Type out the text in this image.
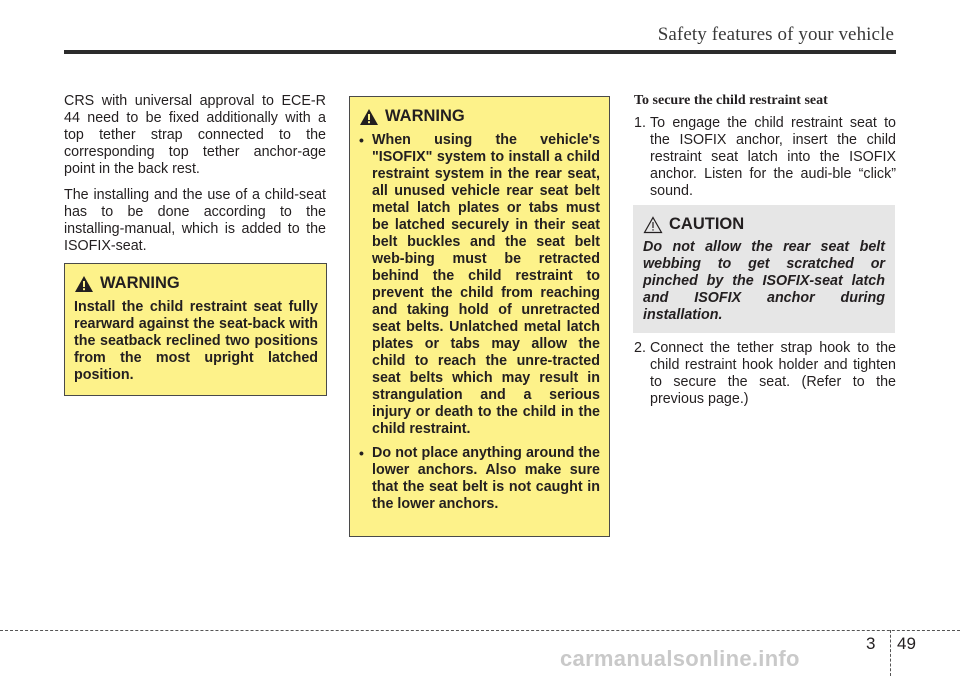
Safety features of your vehicle

CRS with universal approval to ECE-R 44 need to be fixed additionally with a top tether strap connected to the corresponding top tether anchor-age point in the back rest.

The installing and the use of a child-seat has to be done according to the installing-manual, which is added to the ISOFIX-seat.

WARNING

Install the child restraint seat fully rearward against the seat-back with the seatback reclined two positions from the most upright latched position.

WARNING
• When using the vehicle's "ISOFIX" system to install a child restraint system in the rear seat, all unused vehicle rear seat belt metal latch plates or tabs must be latched securely in their seat belt buckles and the seat belt web-bing must be retracted behind the child restraint to prevent the child from reaching and taking hold of unretracted seat belts. Unlatched metal latch plates or tabs may allow the child to reach the unre-tracted seat belts which may result in strangulation and a serious injury or death to the child in the child restraint.
• Do not place anything around the lower anchors. Also make sure that the seat belt is not caught in the lower anchors.

To secure the child restraint seat

1. To engage the child restraint seat to the ISOFIX anchor, insert the child restraint seat latch into the ISOFIX anchor. Listen for the audi-ble “click” sound.

CAUTION

Do not allow the rear seat belt webbing to get scratched or pinched by the ISOFIX-seat latch and ISOFIX anchor during installation.

2. Connect the tether strap hook to the child restraint hook holder and tighten to secure the seat. (Refer to the previous page.)

3 49
carmanualsonline.info
